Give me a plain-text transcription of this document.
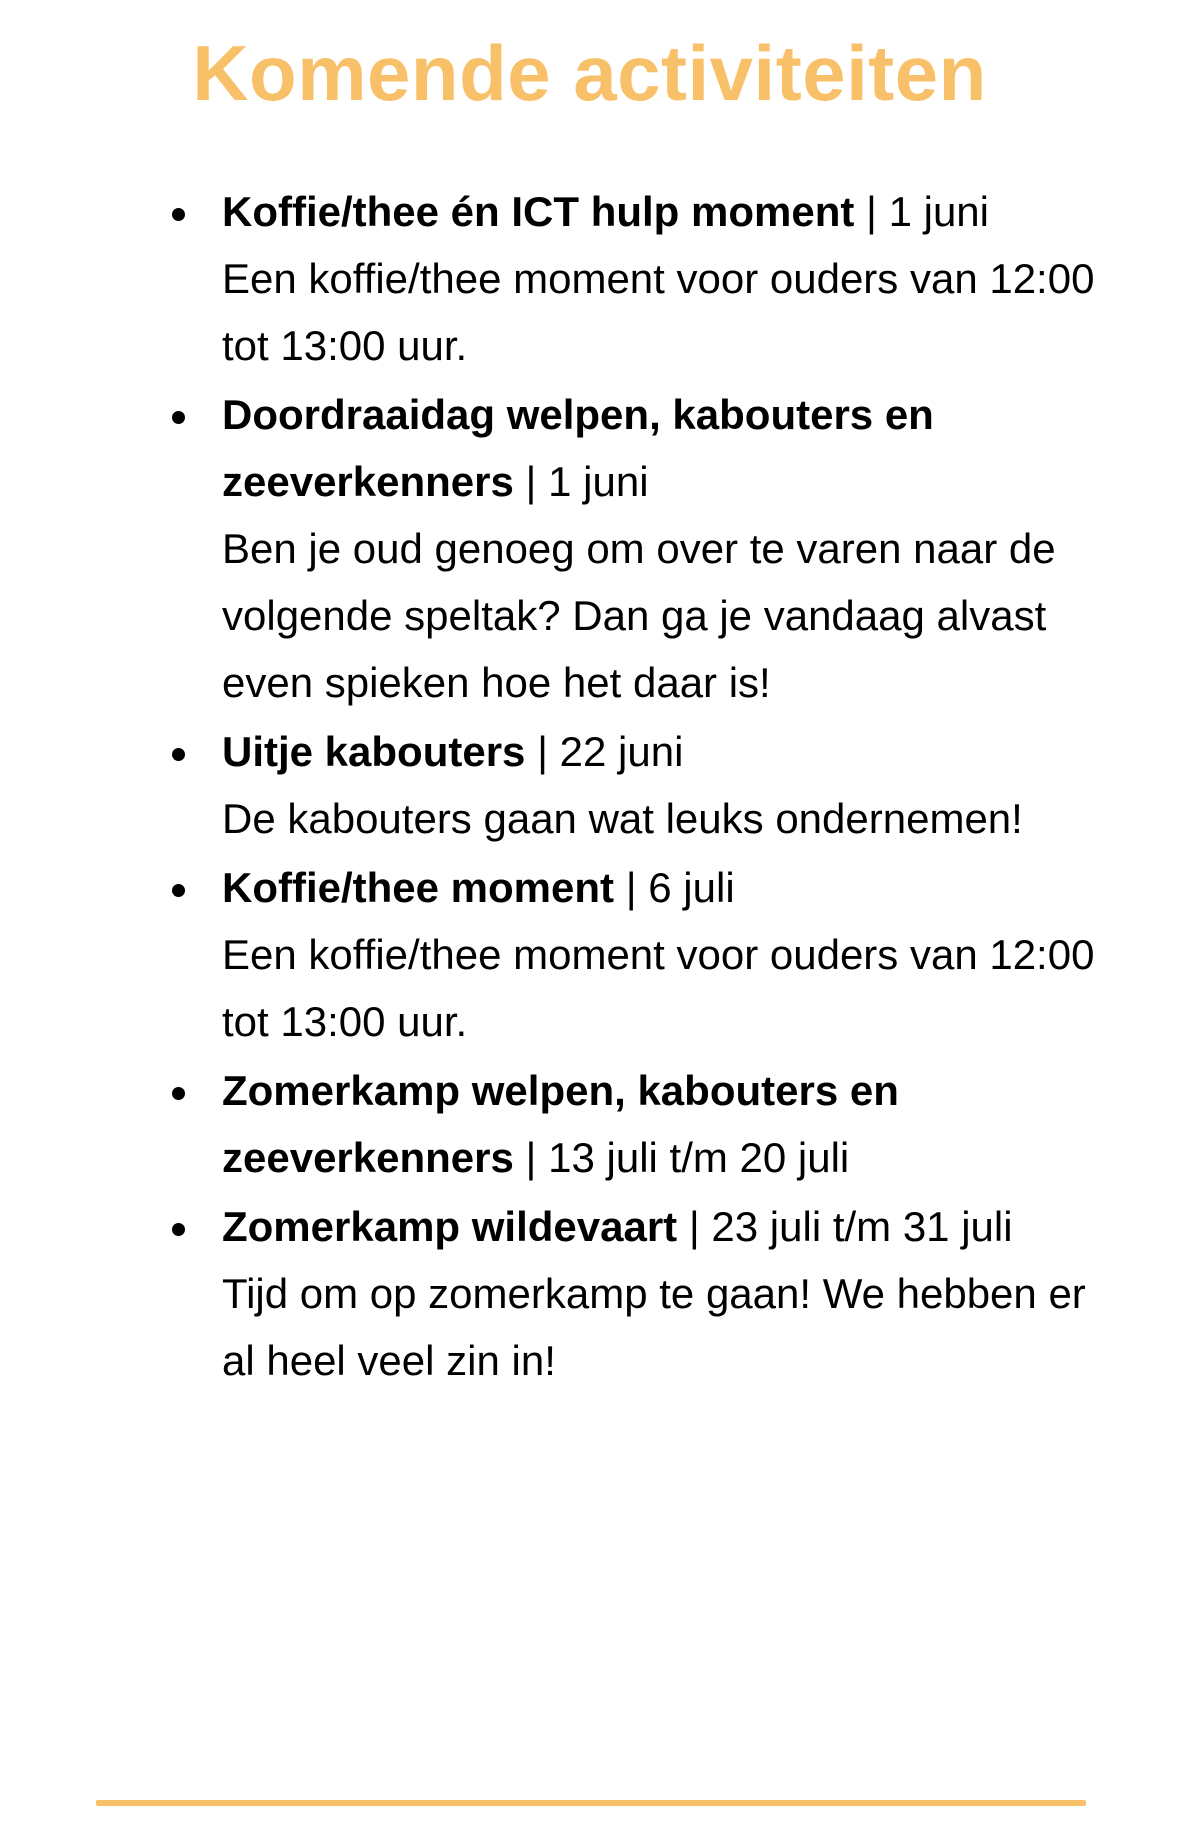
Komende activiteiten
Koffie/thee én ICT hulp moment | 1 juni
Een koffie/thee moment voor ouders van 12:00 tot 13:00 uur.
Doordraaidag welpen, kabouters en zeeverkenners | 1 juni
Ben je oud genoeg om over te varen naar de volgende speltak? Dan ga je vandaag alvast even spieken hoe het daar is!
Uitje kabouters | 22 juni
De kabouters gaan wat leuks ondernemen!
Koffie/thee moment | 6 juli
Een koffie/thee moment voor ouders van 12:00 tot 13:00 uur.
Zomerkamp welpen, kabouters en zeeverkenners | 13 juli t/m 20 juli
Zomerkamp wildevaart | 23 juli t/m 31 juli
Tijd om op zomerkamp te gaan! We hebben er al heel veel zin in!
